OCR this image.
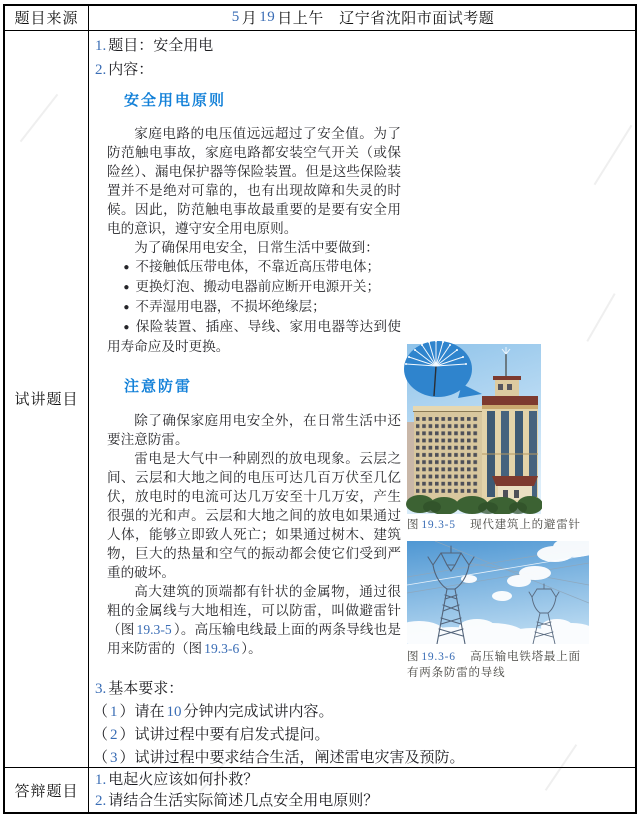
题目来源	5 月 19 日上午　辽宁省沈阳市面试考题
试讲题目
1. 题目：安全用电
2. 内容：
安全用电原则

家庭电路的电压值远远超过了安全值。为了防范触电事故，家庭电路都安装空气开关（或保险丝）、漏电保护器等保险装置。但是这些保险装置并不是绝对可靠的，也有出现故障和失灵的时候。因此，防范触电事故最重要的是要有安全用电的意识，遵守安全用电原则。

为了确保用电安全，日常生活中要做到：

● 不接触低压带电体，不靠近高压带电体；

● 更换灯泡、搬动电器前应断开电源开关；

● 不弄湿用电器，不损坏绝缘层；

● 保险装置、插座、导线、家用电器等达到使用寿命应及时更换。

注意防雷

除了确保家庭用电安全外，在日常生活中还要注意防雷。

雷电是大气中一种剧烈的放电现象。云层之间、云层和大地之间的电压可达几百万伏至几亿伏，放电时的电流可达几万安至十几万安，产生很强的光和声。云层和大地之间的放电如果通过人体，能够立即致人死亡；如果通过树木、建筑物，巨大的热量和空气的振动都会使它们受到严重的破坏。

高大建筑的顶端都有针状的金属物，通过很粗的金属线与大地相连，可以防雷，叫做避雷针（图 19.3-5 ）。高压输电线最上面的两条导线也是用来防雷的（图 19.3-6 ）。

图 19.3-5　现代建筑上的避雷针
图 19.3-6　高压输电铁塔最上面
有两条防雷的导线
3. 基本要求：
（ 1 ）请在 10 分钟内完成试讲内容。
（ 2 ）试讲过程中要有启发式提问。
（ 3 ）试讲过程中要求结合生活，阐述雷电灾害及预防。
答辩题目
1. 电起火应该如何扑救？
2. 请结合生活实际简述几点安全用电原则？
